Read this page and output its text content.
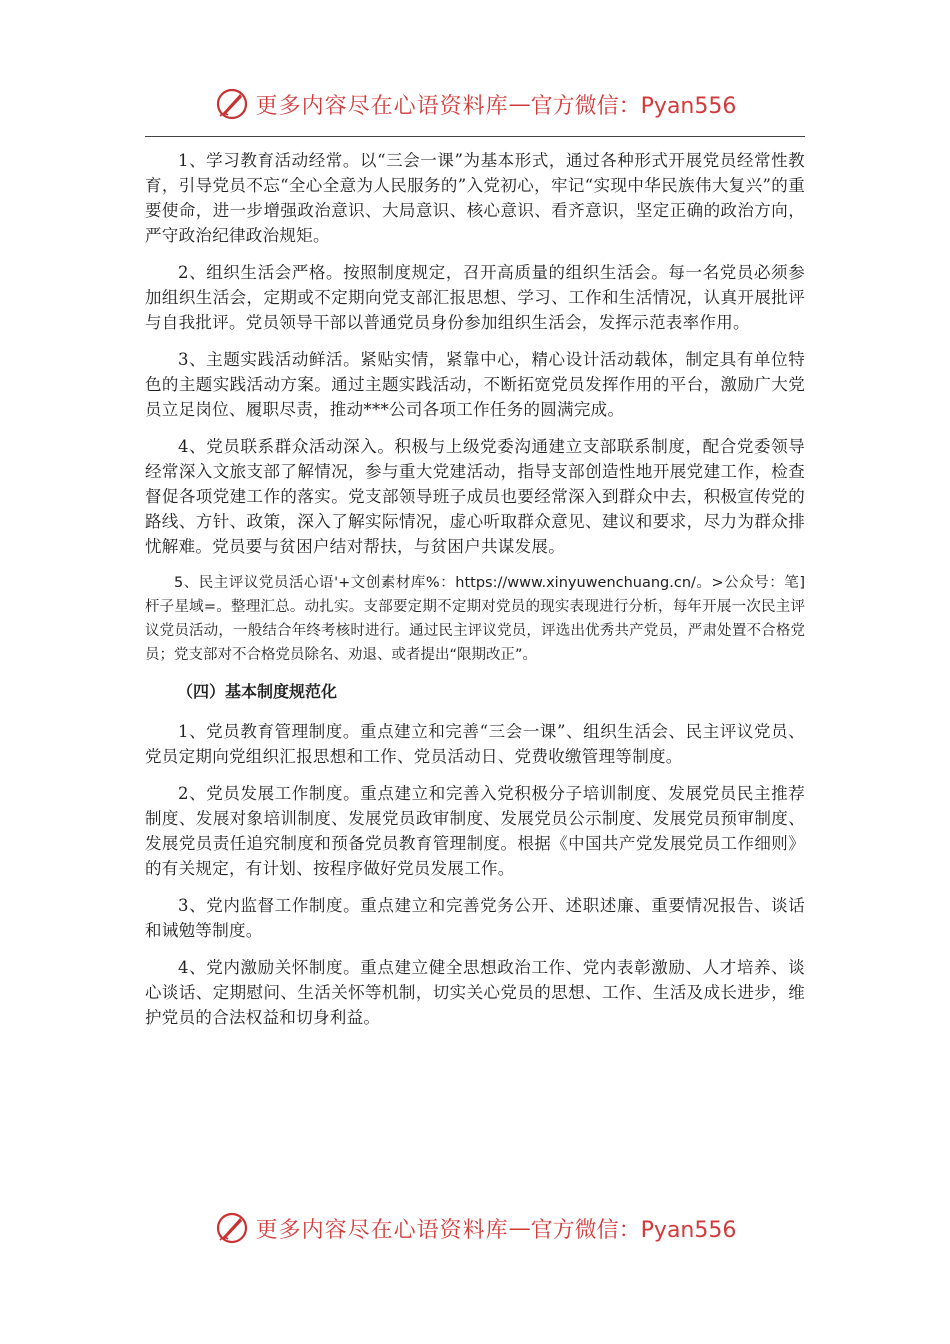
更多内容尽在心语资料库 — 官方微信：Pyan556

1、学习教育活动经常。以“三会一课”为基本形式，通过各种形式开展党员经常性教育，引导党员不忘“全心全意为人民服务的”入党初心，牢记“实现中华民族伟大复兴”的重要使命，进一步增强政治意识、大局意识、核心意识、看齐意识，坚定正确的政治方向，严守政治纪律政治规矩。

2、组织生活会严格。按照制度规定，召开高质量的组织生活会。每一名党员必须参加组织生活会，定期或不定期向党支部汇报思想、学习、工作和生活情况，认真开展批评与自我批评。党员领导干部以普通党员身份参加组织生活会，发挥示范表率作用。

3、主题实践活动鲜活。紧贴实情，紧靠中心，精心设计活动载体，制定具有单位特色的主题实践活动方案。通过主题实践活动，不断拓宽党员发挥作用的平台，激励广大党员立足岗位、履职尽责，推动***公司各项工作任务的圆满完成。

4、党员联系群众活动深入。积极与上级党委沟通建立支部联系制度，配合党委领导经常深入文旅支部了解情况，参与重大党建活动，指导支部创造性地开展党建工作，检查督促各项党建工作的落实。党支部领导班子成员也要经常深入到群众中去，积极宣传党的路线、方针、政策，深入了解实际情况，虚心听取群众意见、建议和要求，尽力为群众排忧解难。党员要与贫困户结对帮扶，与贫困户共谋发展。

5、民主评议党员活心语'+文创素材库%：https://www.xinyuwenchuang.cn/。>公众号：笔]杆子星域=。整理汇总。动扎实。支部要定期不定期对党员的现实表现进行分析，每年开展一次民主评议党员活动，一般结合年终考核时进行。通过民主评议党员，评选出优秀共产党员，严肃处置不合格党员；党支部对不合格党员除名、劝退、或者提出“限期改正”。

（四）基本制度规范化

1、党员教育管理制度。重点建立和完善“三会一课”、组织生活会、民主评议党员、党员定期向党组织汇报思想和工作、党员活动日、党费收缴管理等制度。

2、党员发展工作制度。重点建立和完善入党积极分子培训制度、发展党员民主推荐制度、发展对象培训制度、发展党员政审制度、发展党员公示制度、发展党员预审制度、发展党员责任追究制度和预备党员教育管理制度。根据《中国共产党发展党员工作细则》的有关规定，有计划、按程序做好党员发展工作。

3、党内监督工作制度。重点建立和完善党务公开、述职述廉、重要情况报告、谈话和诫勉等制度。

4、党内激励关怀制度。重点建立健全思想政治工作、党内表彰激励、人才培养、谈心谈话、定期慰问、生活关怀等机制，切实关心党员的思想、工作、生活及成长进步，维护党员的合法权益和切身利益。

更多内容尽在心语资料库 — 官方微信：Pyan556
